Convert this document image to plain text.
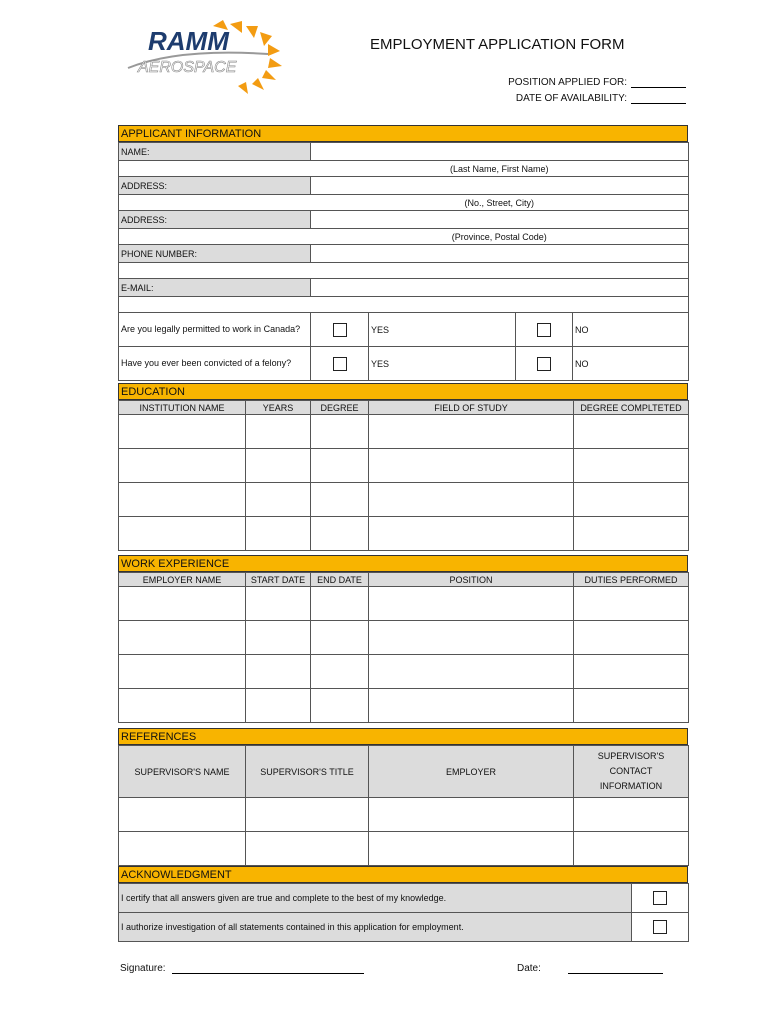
RAMM
AEROSPACE
EMPLOYMENT APPLICATION FORM
POSITION APPLIED FOR:
DATE OF AVAILABILITY:
APPLICANT INFORMATION
NAME:				
	(Last Name, First Name)			
ADDRESS:				
	(No., Street, City)			
ADDRESS:				
	(Province, Postal Code)			
PHONE NUMBER:				

E-MAIL:				

Are you legally permitted to work in Canada?		YES		NO
Have you ever been convicted of a felony?		YES		NO
EDUCATION
INSTITUTION NAME	YEARS	DEGREE	FIELD OF STUDY	DEGREE COMPLTETED

WORK EXPERIENCE
EMPLOYER NAME	START DATE	END DATE	POSITION	DUTIES PERFORMED

REFERENCES
SUPERVISOR'S NAME	SUPERVISOR'S TITLE	EMPLOYER	SUPERVISOR'S CONTACT INFORMATION

ACKNOWLEDGMENT
I certify that all answers given are true and complete to the best of my knowledge.	
I authorize investigation of all statements contained in this application for employment.	
Signature:	Date:
